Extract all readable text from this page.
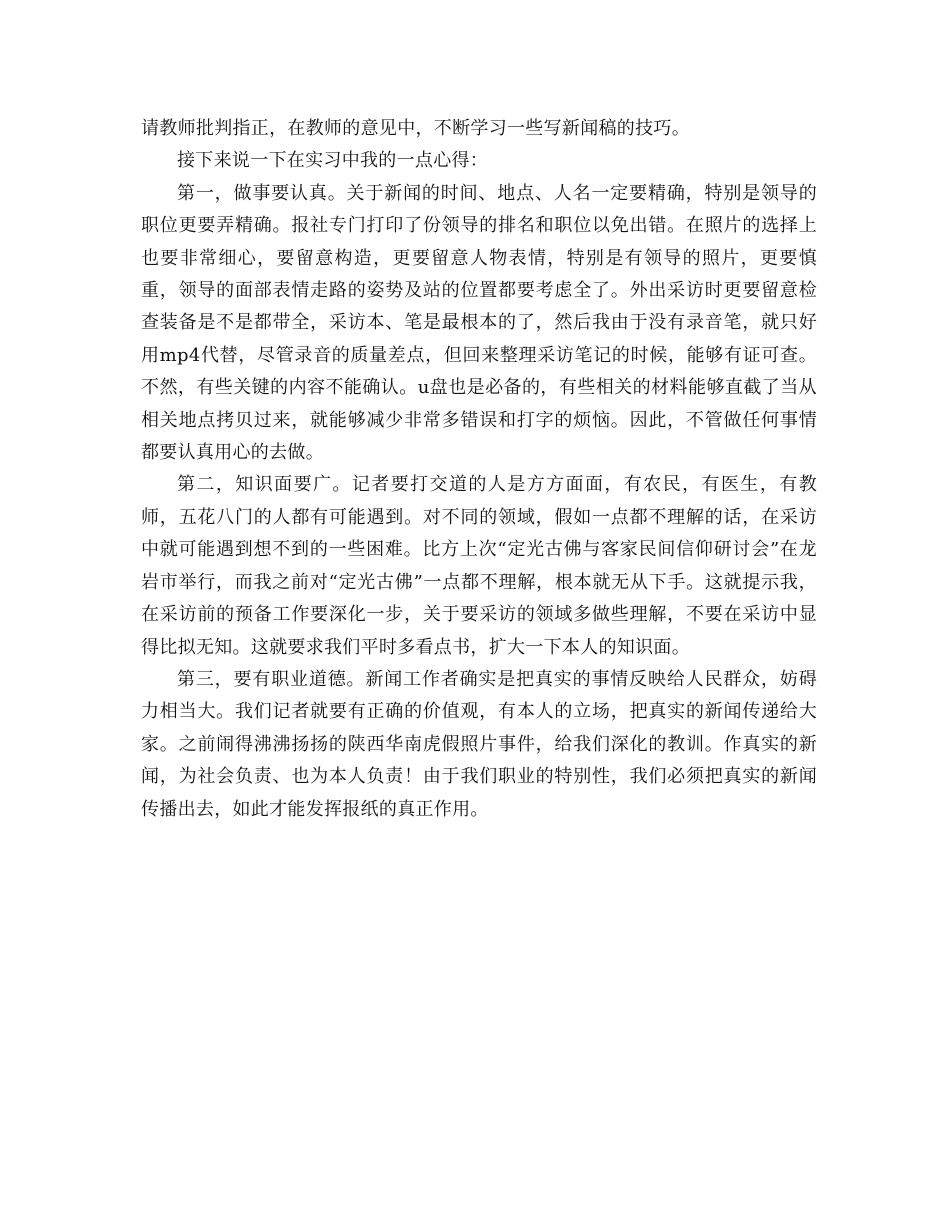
请教师批判指正，在教师的意见中，不断学习一些写新闻稿的技巧。

接下来说一下在实习中我的一点心得：

第一，做事要认真。关于新闻的时间、地点、人名一定要精确，特别是领导的职位更要弄精确。报社专门打印了份领导的排名和职位以免出错。在照片的选择上也要非常细心，要留意构造，更要留意人物表情，特别是有领导的照片，更要慎重，领导的面部表情走路的姿势及站的位置都要考虑全了。外出采访时更要留意检查装备是不是都带全，采访本、笔是最根本的了，然后我由于没有录音笔，就只好用mp4代替，尽管录音的质量差点，但回来整理采访笔记的时候，能够有证可查。不然，有些关键的内容不能确认。u盘也是必备的，有些相关的材料能够直截了当从相关地点拷贝过来，就能够减少非常多错误和打字的烦恼。因此，不管做任何事情都要认真用心的去做。

第二，知识面要广。记者要打交道的人是方方面面，有农民，有医生，有教师，五花八门的人都有可能遇到。对不同的领域，假如一点都不理解的话，在采访中就可能遇到想不到的一些困难。比方上次“定光古佛与客家民间信仰研讨会”在龙岩市举行，而我之前对“定光古佛”一点都不理解，根本就无从下手。这就提示我，在采访前的预备工作要深化一步，关于要采访的领域多做些理解，不要在采访中显得比拟无知。这就要求我们平时多看点书，扩大一下本人的知识面。

第三，要有职业道德。新闻工作者确实是把真实的事情反映给人民群众，妨碍力相当大。我们记者就要有正确的价值观，有本人的立场，把真实的新闻传递给大家。之前闹得沸沸扬扬的陕西华南虎假照片事件，给我们深化的教训。作真实的新闻，为社会负责、也为本人负责！由于我们职业的特别性，我们必须把真实的新闻传播出去，如此才能发挥报纸的真正作用。
